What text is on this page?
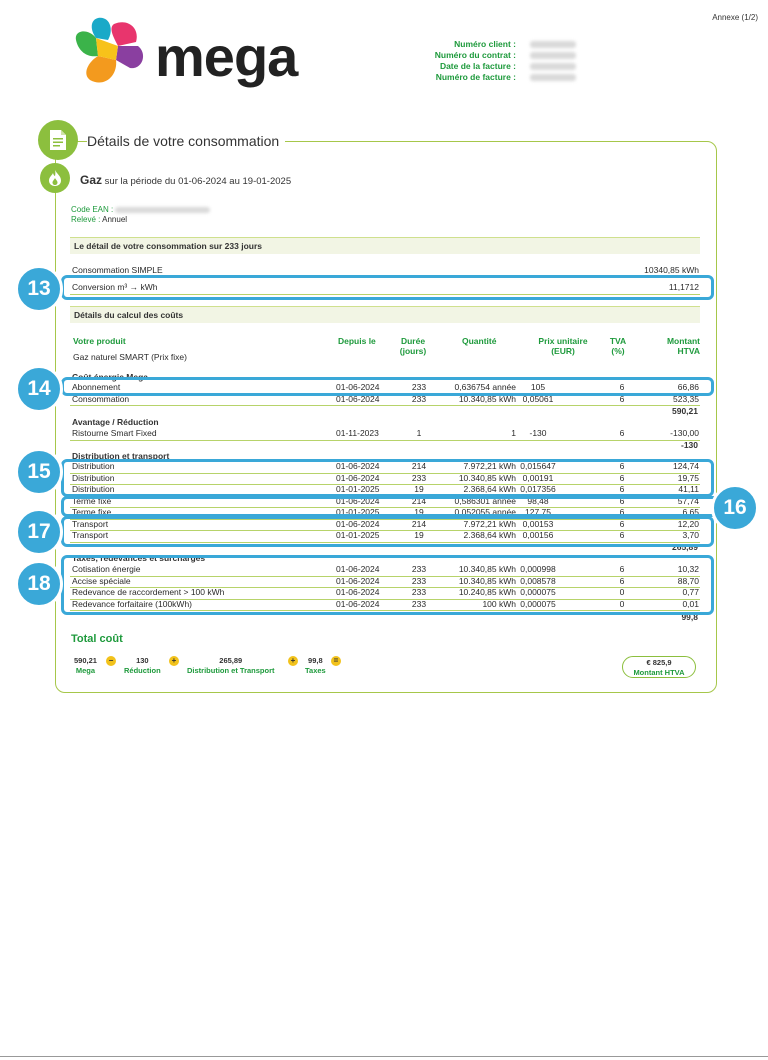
Annexe (1/2)
mega	Numéro client :
Numéro du contrat :
Date de la facture :
Numéro de facture :
Détails de votre consommation
Gaz sur la période du 01-06-2024 au 19-01-2025
Code EAN :
Relevé : Annuel
Le détail de votre consommation sur 233 jours
Consommation SIMPLE	10340,85 kWh
Conversion m³ → kWh	11,1712
Détails du calcul des coûts
Votre produit	Depuis le	Durée
(jours)
Quantité	Prix unitaire
(EUR)
TVA
(%)
Montant
HTVA
Gaz naturel SMART (Prix fixe)
Coût énergie Mega
Abonnement	01-06-2024	233	0,636754 année	105	6	66,86
Consommation	01-06-2024	233	10.340,85 kWh 0,05061	6	523,35
590,21
Avantage / Réduction
Ristourne Smart Fixed	01-11-2023	1	1	-130	6	-130,00
-130
Distribution et transport
Distribution	01-06-2024	214	7.972,21 kWh 0,015647	6	124,74
Distribution	01-06-2024	233	10.340,85 kWh 0,00191	6	19,75
Distribution	01-01-2025	19	2.368,64 kWh 0,017356	6	41,11
Terme fixe	01-06-2024	214	0,586301 année	98,48	6	57,74
Terme fixe	01-01-2025	19	0,052055 année	127,75	6	6,65
Transport	01-06-2024	214	7.972,21 kWh 0,00153	6	12,20
Transport	01-01-2025	19	2.368,64 kWh 0,00156	6	3,70
265,89
Taxes, redevances et surcharges
Cotisation énergie	01-06-2024	233	10.340,85 kWh 0,000998	6	10,32
Accise spéciale	01-06-2024	233	10.340,85 kWh 0,008578	6	88,70
Redevance de raccordement > 100 kWh	01-06-2024	233	10.240,85 kWh 0,000075	0	0,77
Redevance forfaitaire (100kWh)	01-06-2024	233	100 kWh 0,000075	0	0,01
99,8
13
14
15
16
17
18
Total coût
590,21
Mega
−	130
Réduction
+	265,89
Distribution et Transport
+	99,8
Taxes
=	€ 825,9
Montant HTVA
